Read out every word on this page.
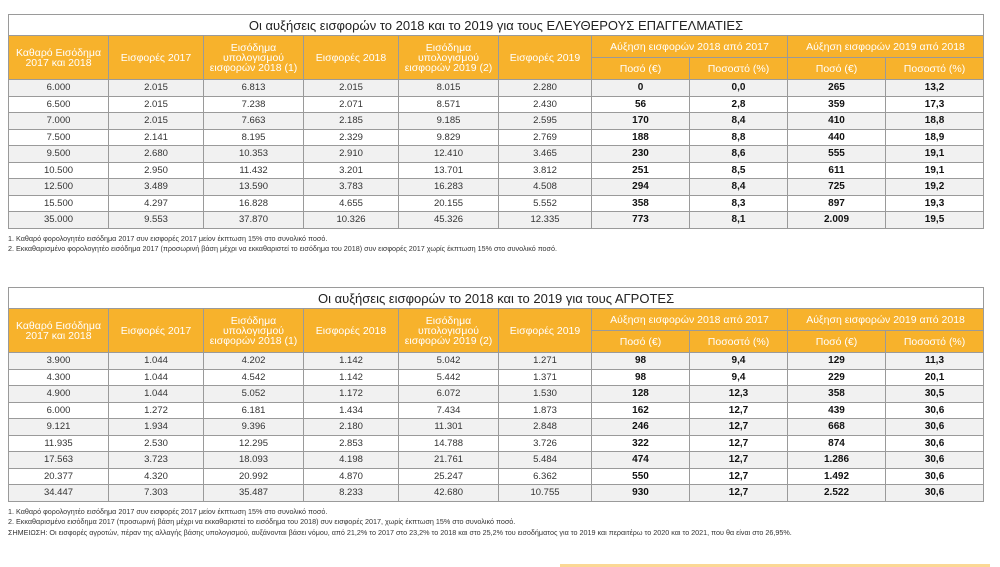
Οι αυξήσεις εισφορών το 2018 και το 2019 για τους ΕΛΕΥΘΕΡΟΥΣ ΕΠΑΓΓΕΛΜΑΤΙΕΣ									
Καθαρό Εισόδημα 2017 και 2018	Εισφορές 2017	Εισόδημα υπολογισμού εισφορών 2018 (1)	Εισφορές 2018	Εισόδημα υπολογισμού εισφορών 2019 (2)	Εισφορές 2019	Αύξηση εισφορών 2018 από 2017		Αύξηση εισφορών 2019 από 2018	
						Ποσό (€)	Ποσοστό (%)	Ποσό (€)	Ποσοστό (%)
6.000	2.015	6.813	2.015	8.015	2.280	0	0,0	265	13,2
6.500	2.015	7.238	2.071	8.571	2.430	56	2,8	359	17,3
7.000	2.015	7.663	2.185	9.185	2.595	170	8,4	410	18,8
7.500	2.141	8.195	2.329	9.829	2.769	188	8,8	440	18,9
9.500	2.680	10.353	2.910	12.410	3.465	230	8,6	555	19,1
10.500	2.950	11.432	3.201	13.701	3.812	251	8,5	611	19,1
12.500	3.489	13.590	3.783	16.283	4.508	294	8,4	725	19,2
15.500	4.297	16.828	4.655	20.155	5.552	358	8,3	897	19,3
35.000	9.553	37.870	10.326	45.326	12.335	773	8,1	2.009	19,5
1. Καθαρό φορολογητέο εισόδημα 2017 συν εισφορές 2017 μείον έκπτωση 15% στο συνολικό ποσό.
2. Εκκαθαρισμένο φορολογητέο εισόδημα 2017 (προσωρινή βάση μέχρι να εκκαθαριστεί το εισόδημα του 2018) συν εισφορές 2017 χωρίς έκπτωση 15% στο συνολικό ποσό.
Οι αυξήσεις εισφορών το 2018 και το 2019 για τους ΑΓΡΟΤΕΣ									
Καθαρό Εισόδημα 2017 και 2018	Εισφορές 2017	Εισόδημα υπολογισμού εισφορών 2018 (1)	Εισφορές 2018	Εισόδημα υπολογισμού εισφορών 2019 (2)	Εισφορές 2019	Αύξηση εισφορών 2018 από 2017		Αύξηση εισφορών 2019 από 2018	
						Ποσό (€)	Ποσοστό (%)	Ποσό (€)	Ποσοστό (%)
3.900	1.044	4.202	1.142	5.042	1.271	98	9,4	129	11,3
4.300	1.044	4.542	1.142	5.442	1.371	98	9,4	229	20,1
4.900	1.044	5.052	1.172	6.072	1.530	128	12,3	358	30,5
6.000	1.272	6.181	1.434	7.434	1.873	162	12,7	439	30,6
9.121	1.934	9.396	2.180	11.301	2.848	246	12,7	668	30,6
11.935	2.530	12.295	2.853	14.788	3.726	322	12,7	874	30,6
17.563	3.723	18.093	4.198	21.761	5.484	474	12,7	1.286	30,6
20.377	4.320	20.992	4.870	25.247	6.362	550	12,7	1.492	30,6
34.447	7.303	35.487	8.233	42.680	10.755	930	12,7	2.522	30,6
1. Καθαρό φορολογητέο εισόδημα 2017 συν εισφορές 2017 μείον έκπτωση 15% στο συνολικό ποσό.
2. Εκκαθαρισμένο εισόδημα 2017 (προσωρινή βάση μέχρι να εκκαθαριστεί το εισόδημα του 2018) συν εισφορές 2017, χωρίς έκπτωση 15% στο συνολικό ποσό.
ΣΗΜΕΙΩΣΗ: Οι εισφορές αγροτών, πέραν της αλλαγής βάσης υπολογισμού, αυξάνονται βάσει νόμου, από 21,2% το 2017 στο 23,2% το 2018 και στο 25,2% του εισοδήματος για το 2019 και περαιτέρω το 2020 και το 2021, που θα είναι στο 26,95%.
